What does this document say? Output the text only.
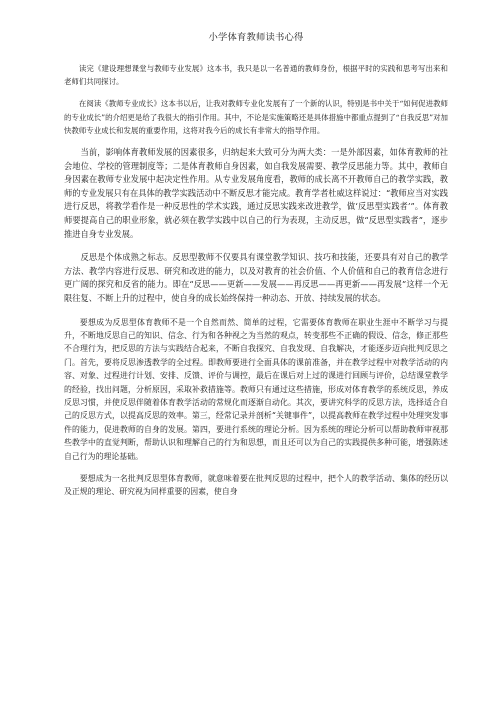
小学体育教师读书心得

读完《建设理想课堂与教师专业发展》这本书，我只是以一名普通的教师身份，根据平时的实践和思考写出来和老师们共同探讨。

在阅读《教师专业成长》这本书以后，让我对教师专业化发展有了一个新的认识，特别是书中关于“如何促进教师的专业成长”的介绍更是给了我很大的指引作用。其中，不论是实施策略还是具体措施中都重点提到了“自我反思”对加快教师专业成长和发展的重要作用，这将对我今后的成长有非常大的指导作用。

当前，影响体育教师发展的因素很多，归纳起来大致可分为两大类：一是外部因素，如体育教师的社会地位、学校的管理制度等；二是体育教师自身因素，如自我发展需要、教学反思能力等。其中，教师自身因素在教师专业发展中起决定性作用。从专业发展角度看，教师的成长离不开教师自己的教学实践，教师的专业发展只有在具体的教学实践活动中不断反思才能完成。教育学者杜威这样说过：“教师应当对实践进行反思，将教学看作是一种反思性的学术实践，通过反思实践来改进教学，做‘反思型实践者’”。体育教师要提高自己的职业形象，就必须在教学实践中以自己的行为表现，主动反思，做“反思型实践者”，逐步推进自身专业发展。

反思是个体成熟之标志。反思型教师不仅要具有课堂教学知识、技巧和技能，还要具有对自己的教学方法、教学内容进行反思、研究和改进的能力，以及对教育的社会价值、个人价值和自己的教育信念进行更广阔的探究和反省的能力。即在“反思——更新——发展——再反思——再更新——再发展”这样一个无限往复、不断上升的过程中，使自身的成长始终保持一种动态、开放、持续发展的状态。

要想成为反思型体育教师不是一个自然而然、简单的过程，它需要体育教师在职业生涯中不断学习与提升，不断地反思自己的知识、信念、行为和各种视之为当然的观点，转变那些不正确的假设、信念，修正那些不合理行为，把反思的方法与实践结合起来，不断自我探究、自我发现、自我解决，才能逐步迈向批判反思之门。首先，要将反思渗透教学的全过程。即教师要进行全面具体的课前准备，并在教学过程中对教学活动的内容、对象、过程进行计划、安排、反馈、评价与调控，最后在课后对上过的课进行回顾与评价，总结课堂教学的经验，找出问题，分析原因，采取补救措施等。教师只有通过这些措施，形成对体育教学的系统反思，养成反思习惯，并使反思伴随着体育教学活动的常规化而逐渐自动化。其次，要讲究科学的反思方法，选择适合自己的反思方式，以提高反思的效率。第三，经常记录并剖析“关键事件”，以提高教师在教学过程中处理突发事件的能力，促进教师的自身的发展。第四，要进行系统的理论分析。因为系统的理论分析可以帮助教师审视那些教学中的直觉判断，帮助认识和理解自己的行为和思想，而且还可以为自己的实践提供多种可能，增强陈述自己行为的理论基础。

要想成为一名批判反思型体育教师，就意味着要在批判反思的过程中，把个人的教学活动、集体的经历以及正规的理论、研究视为同样重要的因素，使自身
